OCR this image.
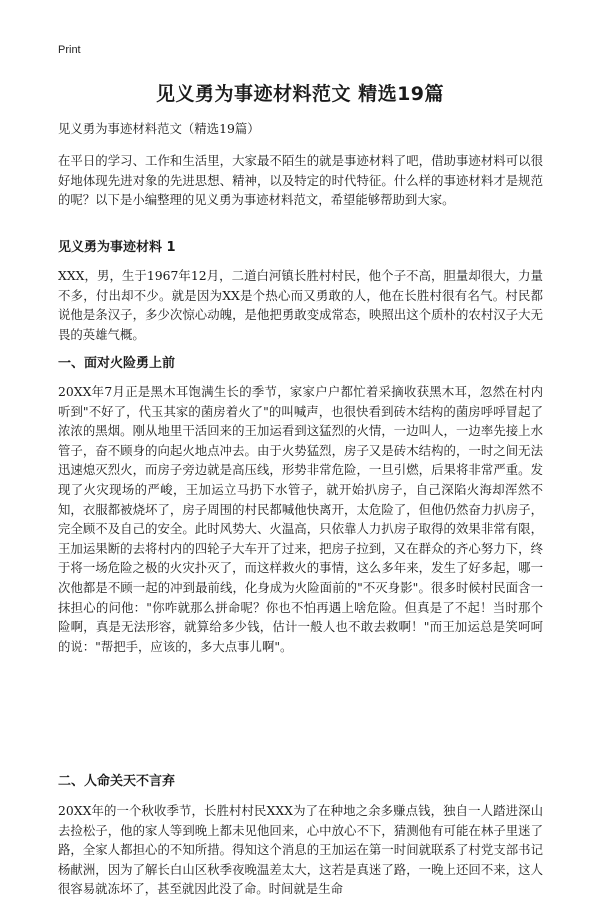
Print
见义勇为事迹材料范文 精选19篇
见义勇为事迹材料范文（精选19篇）
在平日的学习、工作和生活里，大家最不陌生的就是事迹材料了吧，借助事迹材料可以很好地体现先进对象的先进思想、精神，以及特定的时代特征。什么样的事迹材料才是规范的呢？以下是小编整理的见义勇为事迹材料范文，希望能够帮助到大家。
见义勇为事迹材料 1
XXX，男，生于1967年12月，二道白河镇长胜村村民，他个子不高，胆量却很大，力量不多，付出却不少。就是因为XX是个热心而又勇敢的人，他在长胜村很有名气。村民都说他是条汉子，多少次惊心动魄，是他把勇敢变成常态，映照出这个质朴的农村汉子大无畏的英雄气概。
一、面对火险勇上前
20XX年7月正是黑木耳饱满生长的季节，家家户户都忙着采摘收获黑木耳，忽然在村内听到"不好了，代玉其家的菌房着火了"的叫喊声，也很快看到砖木结构的菌房呼呼冒起了浓浓的黑烟。刚从地里干活回来的王加运看到这猛烈的火情，一边叫人，一边率先接上水管子，奋不顾身的向起火地点冲去。由于火势猛烈，房子又是砖木结构的，一时之间无法迅速熄灭烈火，而房子旁边就是高压线，形势非常危险，一旦引燃，后果将非常严重。发现了火灾现场的严峻，王加运立马扔下水管子，就开始扒房子，自己深陷火海却浑然不知，衣服都被烧坏了，房子周围的村民都喊他快离开，太危险了，但他仍然奋力扒房子，完全顾不及自己的安全。此时风势大、火温高，只依靠人力扒房子取得的效果非常有限，王加运果断的去将村内的四轮子大车开了过来，把房子拉到，又在群众的齐心努力下，终于将一场危险之极的火灾扑灭了，而这样救火的事情，这么多年来，发生了好多起，哪一次他都是不顾一起的冲到最前线，化身成为火险面前的"不灭身影"。很多时候村民面含一抹担心的问他："你咋就那么拼命呢？你也不怕再遇上啥危险。但真是了不起！当时那个险啊，真是无法形容，就算给多少钱，估计一般人也不敢去救啊！"而王加运总是笑呵呵的说："帮把手，应该的，多大点事儿啊"。
二、人命关天不言弃
20XX年的一个秋收季节，长胜村村民XXX为了在种地之余多赚点钱，独自一人踏进深山去捡松子，他的家人等到晚上都未见他回来，心中放心不下，猜测他有可能在林子里迷了路，全家人都担心的不知所措。得知这个消息的王加运在第一时间就联系了村党支部书记杨献洲，因为了解长白山区秋季夜晚温差太大，这若是真迷了路，一晚上还回不来，这人很容易就冻坏了，甚至就因此没了命。时间就是生命
